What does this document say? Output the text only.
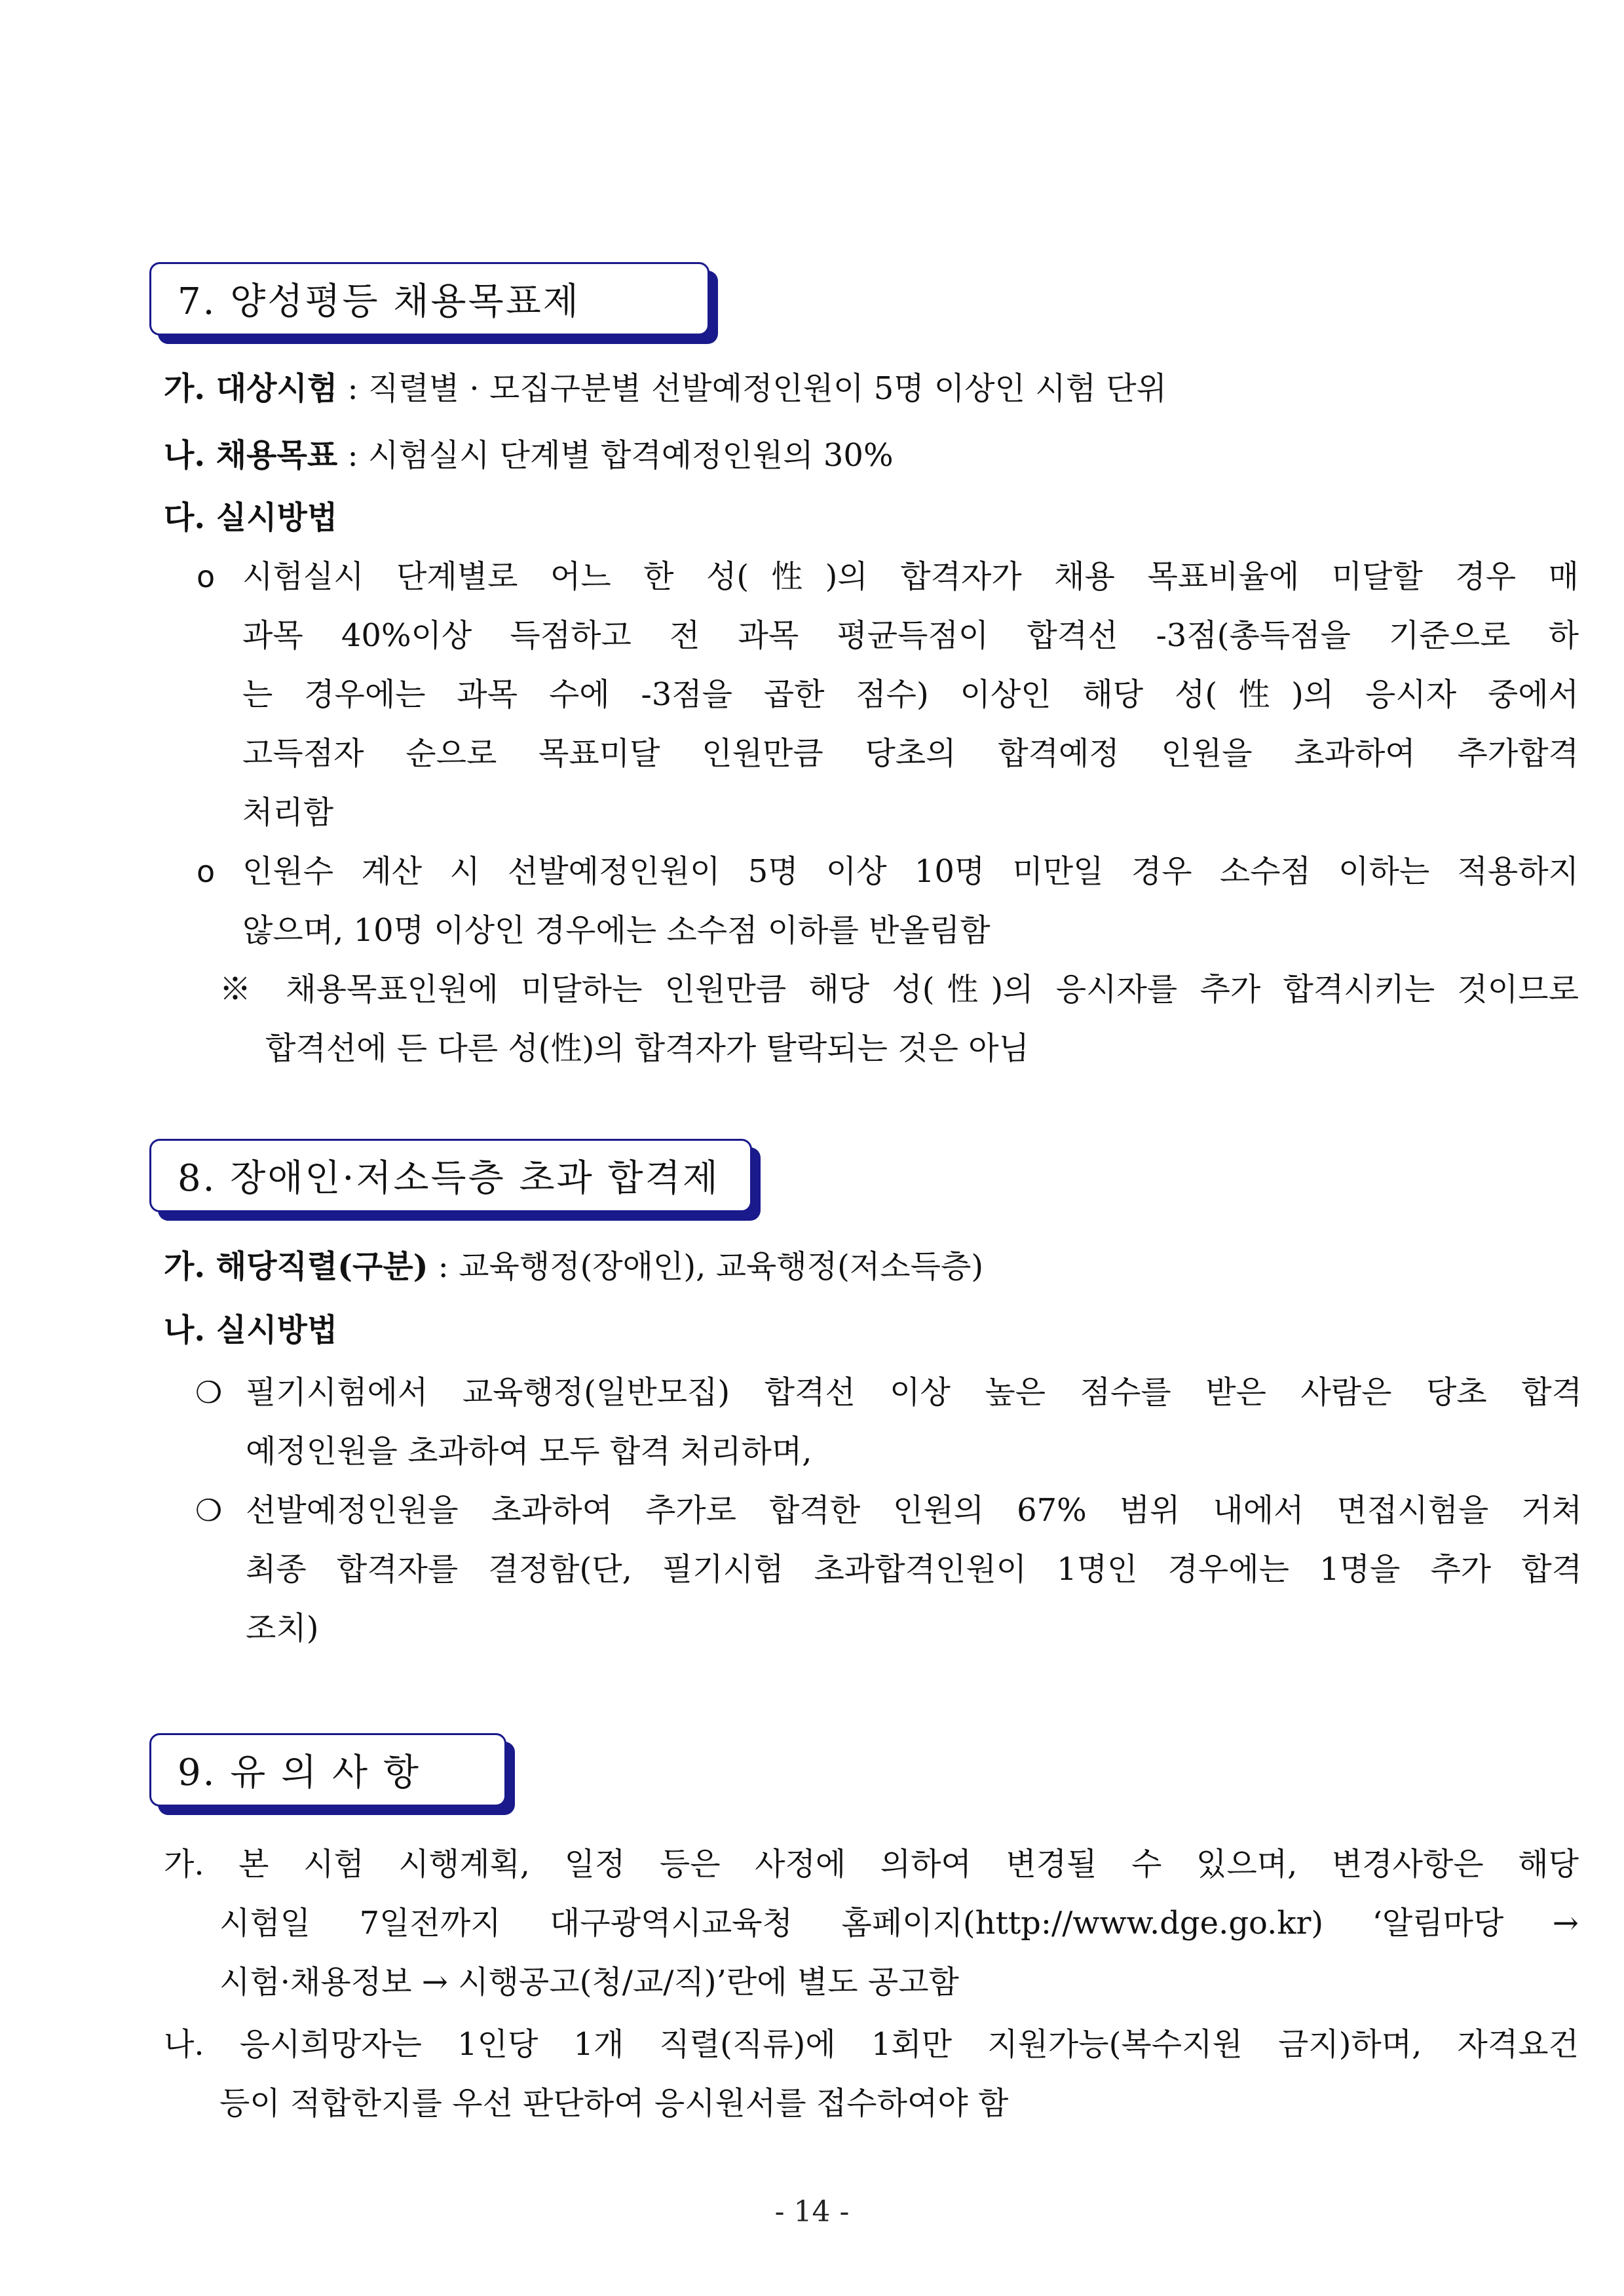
7. 양성평등 채용목표제
가. 대상시험 : 직렬별 · 모집구분별 선발예정인원이 5명 이상인 시험 단위
나. 채용목표 : 시험실시 단계별 합격예정인원의 30%
다. 실시방법
o 시험실시 단계별로 어느 한 성(性)의 합격자가 채용 목표비율에 미달할 경우 매
과목 40%이상 득점하고 전 과목 평균득점이 합격선 -3점(총득점을 기준으로 하
는 경우에는 과목 수에 -3점을 곱한 점수) 이상인 해당 성(性)의 응시자 중에서
고득점자 순으로 목표미달 인원만큼 당초의 합격예정 인원을 초과하여 추가합격
처리함
o 인원수 계산 시 선발예정인원이 5명 이상 10명 미만일 경우 소수점 이하는 적용하지
않으며, 10명 이상인 경우에는 소수점 이하를 반올림함
※ 채용목표인원에 미달하는 인원만큼 해당 성(性)의 응시자를 추가 합격시키는 것이므로
합격선에 든 다른 성(性)의 합격자가 탈락되는 것은 아님
8. 장애인·저소득층 초과 합격제
가. 해당직렬(구분) : 교육행정(장애인), 교육행정(저소득층)
나. 실시방법
❍ 필기시험에서 교육행정(일반모집) 합격선 이상 높은 점수를 받은 사람은 당초 합격
예정인원을 초과하여 모두 합격 처리하며,
❍ 선발예정인원을 초과하여 추가로 합격한 인원의 67% 범위 내에서 면접시험을 거쳐
최종 합격자를 결정함(단, 필기시험 초과합격인원이 1명인 경우에는 1명을 추가 합격
조치)
9. 유 의 사 항
가. 본 시험 시행계획, 일정 등은 사정에 의하여 변경될 수 있으며, 변경사항은 해당
시험일 7일전까지 대구광역시교육청 홈페이지(http://www.dge.go.kr) ‘알림마당 →
시험·채용정보 → 시행공고(청/교/직)’란에 별도 공고함
나. 응시희망자는 1인당 1개 직렬(직류)에 1회만 지원가능(복수지원 금지)하며, 자격요건
등이 적합한지를 우선 판단하여 응시원서를 접수하여야 함
- 14 -
